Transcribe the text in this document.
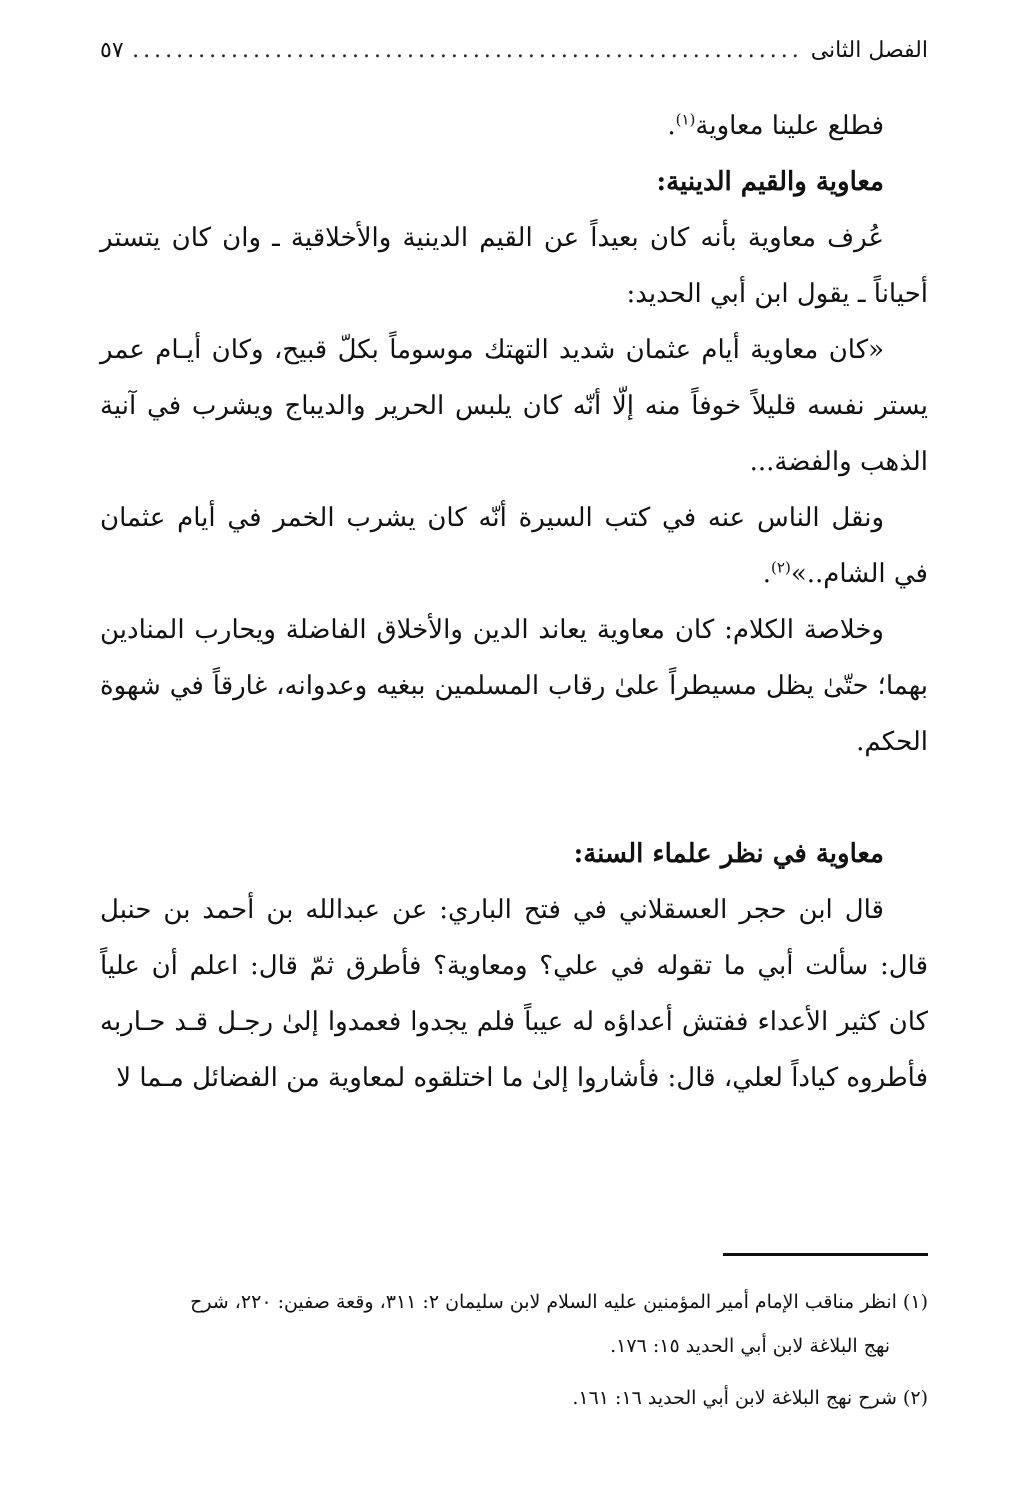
الفصل الثانى
.....
٥٧

فطلع علينا معاوية$^{(١)}$.

معاوية والقيم الدينية:

عُرف معاوية بأنه كان بعيداً عن القيم الدينية والأخلاقية ـ وان كان يتستر أحياناً ـ يقول ابن أبي الحديد:

«كان معاوية أيام عثمان شديد التهتك موسوماً بكلّ قبيح، وكان أيـام عمر يستر نفسه قليلاً خوفاً منه إلّا أنّه كان يلبس الحرير والديباج ويشرب في آنية الذهب والفضة...

ونقل الناس عنه في كتب السيرة أنّه كان يشرب الخمر في أيام عثمان في الشام..»$^{(٢)}$.

وخلاصة الكلام: كان معاوية يعاند الدين والأخلاق الفاضلة ويحارب المنادين بهما؛ حتّىٰ يظل مسيطراً علىٰ رقاب المسلمين ببغيه وعدوانه، غارقاً في شهوة الحكم.

معاوية في نظر علماء السنة:

قال ابن حجر العسقلاني في فتح الباري: عن عبدالله بن أحمد بن حنبل قال: سألت أبي ما تقوله في علي؟ ومعاوية؟ فأطرق ثمّ قال: اعلم أن علياً كان كثير الأعداء ففتش أعداؤه له عيباً فلم يجدوا فعمدوا إلىٰ رجـل قـد حـاربه فأطروه كياداً لعلي، قال: فأشاروا إلىٰ ما اختلقوه لمعاوية من الفضائل مـما لا

(١) انظر مناقب الإمام أمير المؤمنين عليه السلام لابن سليمان ٢: ٣١١، وقعة صفين: ٢٢٠، شرح
نهج البلاغة لابن أبي الحديد ١٥: ١٧٦.

(٢) شرح نهج البلاغة لابن أبي الحديد ١٦: ١٦١.
